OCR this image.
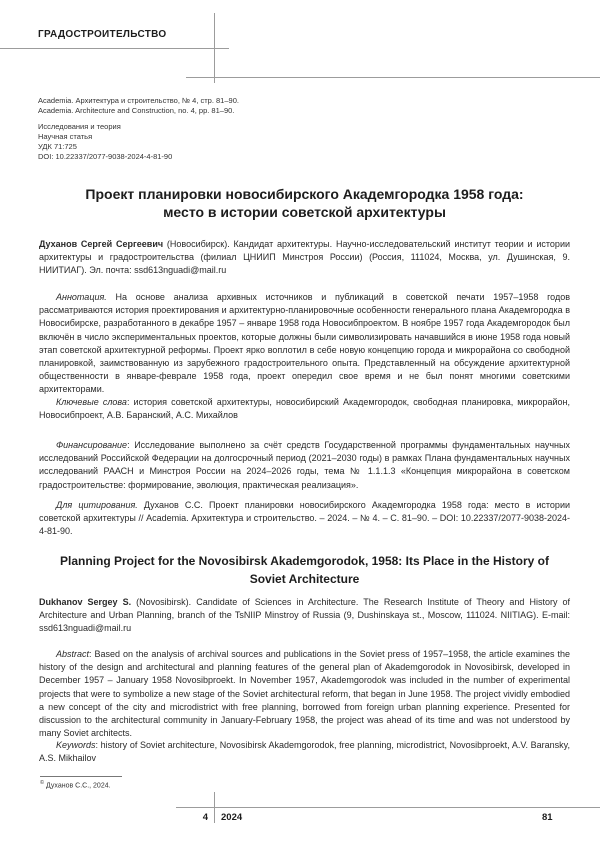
ГРАДОСТРОИТЕЛЬСТВО
Academia. Архитектура и строительство, № 4, стр. 81–90.
Academia. Architecture and Construction, no. 4, pp. 81–90.
Исследования и теория
Научная статья
УДК 71:725
DOI: 10.22337/2077-9038-2024-4-81-90
Проект планировки новосибирского Академгородка 1958 года:
место в истории советской архитектуры

Духанов Сергей Сергеевич (Новосибирск). Кандидат архитектуры. Научно-исследовательский институт теории и истории архитектуры и градостроительства (филиал ЦНИИП Минстроя России) (Россия, 111024, Москва, ул. Душинская, 9. НИИТИАГ). Эл. почта: ssd613nguadi@mail.ru

Аннотация. На основе анализа архивных источников и публикаций в советской печати 1957–1958 годов рассматриваются история проектирования и архитектурно-планировочные особенности генерального плана Академгородка в Новосибирске, разработанного в декабре 1957 – январе 1958 года Новосибпроектом. В ноябре 1957 года Академгородок был включён в число экспериментальных проектов, которые должны были символизировать начавшийся в июне 1958 года новый этап советской архитектурной реформы. Проект ярко воплотил в себе новую концепцию города и микрорайона со свободной планировкой, заимствованную из зарубежного градостроительного опыта. Представленный на обсуждение архитектурной общественности в январе-феврале 1958 года, проект опередил свое время и не был понят многими советскими архитекторами.

Ключевые слова: история советской архитектуры, новосибирский Академгородок, свободная планировка, микрорайон, Новосибпроект, А.В. Баранский, А.С. Михайлов

Финансирование: Исследование выполнено за счёт средств Государственной программы фундаментальных научных исследований Российской Федерации на долгосрочный период (2021–2030 годы) в рамках Плана фундаментальных научных исследований РААСН и Минстроя России на 2024–2026 годы, тема № 1.1.1.3 «Концепция микрорайона в советском градостроительстве: формирование, эволюция, практическая реализация».

Для цитирования. Духанов С.С. Проект планировки новосибирского Академгородка 1958 года: место в истории советской архитектуры // Academia. Архитектура и строительство. – 2024. – № 4. – С. 81–90. – DOI: 10.22337/2077-9038-2024-4-81-90.

Planning Project for the Novosibirsk Akademgorodok, 1958: Its Place in the History of
Soviet Architecture

Dukhanov Sergey S. (Novosibirsk). Candidate of Sciences in Architecture. The Research Institute of Theory and History of Architecture and Urban Planning, branch of the TsNIIP Minstroy of Russia (9, Dushinskaya st., Moscow, 111024. NIITIAG). E-mail: ssd613nguadi@mail.ru

Abstract: Based on the analysis of archival sources and publications in the Soviet press of 1957–1958, the article examines the history of the design and architectural and planning features of the general plan of Akademgorodok in Novosibirsk, developed in December 1957 – January 1958 Novosibproekt. In November 1957, Akademgorodok was included in the number of experimental projects that were to symbolize a new stage of the Soviet architectural reform, that began in June 1958. The project vividly embodied a new concept of the city and microdistrict with free planning, borrowed from foreign urban planning experience. Presented for discussion to the architectural community in January-February 1958, the project was ahead of its time and was not understood by many Soviet architects.

Keywords: history of Soviet architecture, Novosibirsk Akademgorodok, free planning, microdistrict, Novosibproekt, A.V. Baransky, A.S. Mikhailov

© Духанов С.С., 2024.
4 2024	81
